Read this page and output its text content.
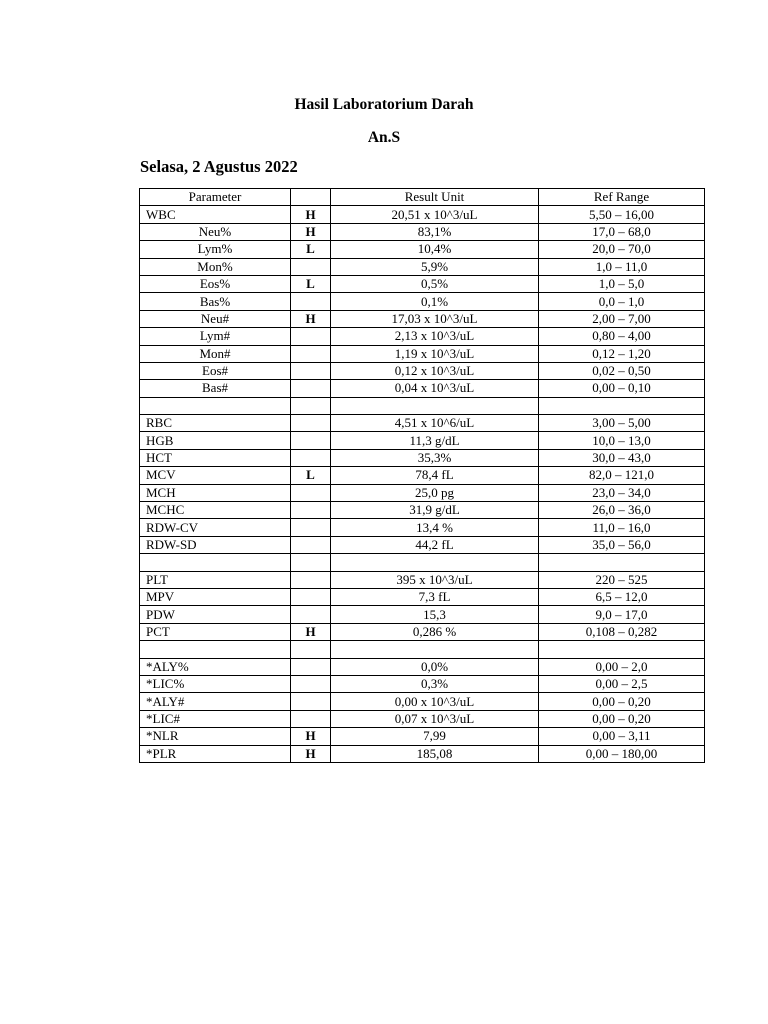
Hasil Laboratorium Darah
An.S
Selasa, 2 Agustus 2022
Parameter		Result Unit	Ref Range
WBC	H	20,51 x 10^3/uL	5,50 – 16,00
Neu%	H	83,1%	17,0 – 68,0
Lym%	L	10,4%	20,0 – 70,0
Mon%		5,9%	1,0 – 11,0
Eos%	L	0,5%	1,0 – 5,0
Bas%		0,1%	0,0 – 1,0
Neu#	H	17,03 x 10^3/uL	2,00 – 7,00
Lym#		2,13 x 10^3/uL	0,80 – 4,00
Mon#		1,19 x 10^3/uL	0,12 – 1,20
Eos#		0,12 x 10^3/uL	0,02 – 0,50
Bas#		0,04 x 10^3/uL	0,00 – 0,10

RBC		4,51 x 10^6/uL	3,00 – 5,00
HGB		11,3 g/dL	10,0 – 13,0
HCT		35,3%	30,0 – 43,0
MCV	L	78,4 fL	82,0 – 121,0
MCH		25,0 pg	23,0 – 34,0
MCHC		31,9 g/dL	26,0 – 36,0
RDW-CV		13,4 %	11,0 – 16,0
RDW-SD		44,2 fL	35,0 – 56,0

PLT		395 x 10^3/uL	220 – 525
MPV		7,3 fL	6,5 – 12,0
PDW		15,3	9,0 – 17,0
PCT	H	0,286 %	0,108 – 0,282

*ALY%		0,0%	0,00 – 2,0
*LIC%		0,3%	0,00 – 2,5
*ALY#		0,00 x 10^3/uL	0,00 – 0,20
*LIC#		0,07 x 10^3/uL	0,00 – 0,20
*NLR	H	7,99	0,00 – 3,11
*PLR	H	185,08	0,00 – 180,00
